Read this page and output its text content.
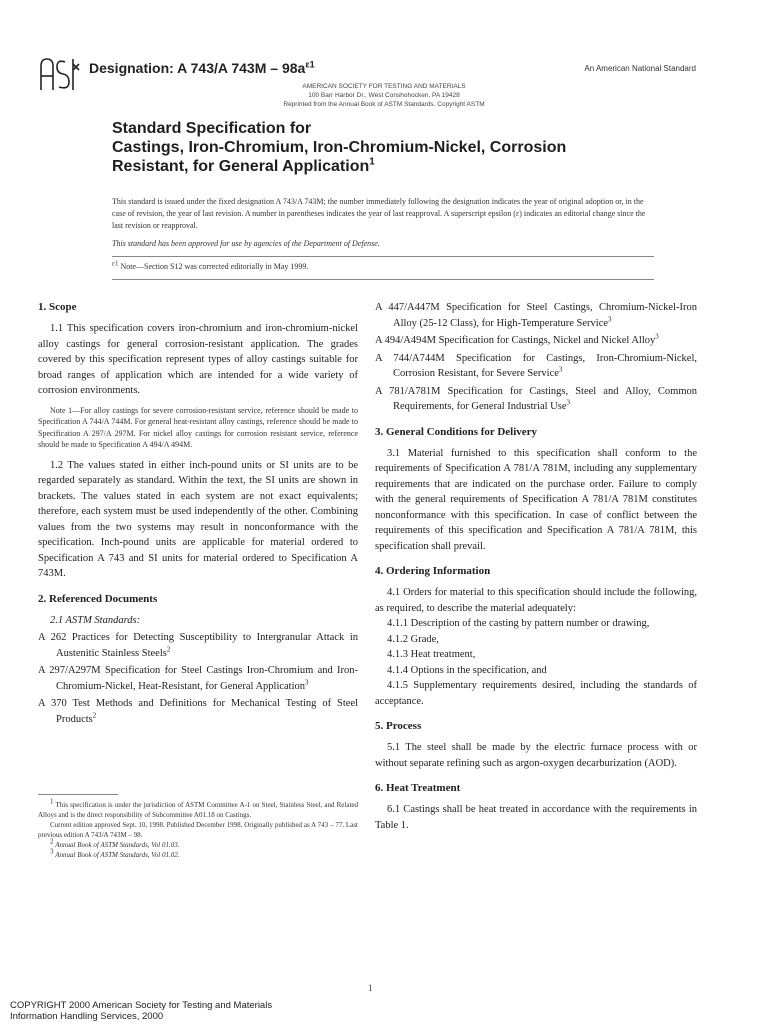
Designation: A 743/A $743M - 98a^{\varepsilon 1}$	An American National Standard
AMERICAN SOCIETY FOR TESTING AND MATERIALS
100 Barr Harbor Dr., West Conshohocken, PA 19428
Reprinted from the Annual Book of ASTM Standards. Copyright ASTM
Standard Specification for
Castings, Iron-Chromium, Iron-Chromium-Nickel, Corrosion
Resistant, for General Application$^1$

This standard is issued under the fixed designation A 743/A 743M; the number immediately following the designation indicates the year of original adoption or, in the case of revision, the year of last revision. A number in parentheses indicates the year of last reapproval. A superscript epsilon (ε) indicates an editorial change since the last revision or reapproval.

This standard has been approved for use by agencies of the Department of Defense.

$^{\varepsilon 1}$ Note—Section S12 was corrected editorially in May 1999.
1. Scope

1.1 This specification covers iron-chromium and iron-chromium-nickel alloy castings for general corrosion-resistant application. The grades covered by this specification represent types of alloy castings suitable for broad ranges of application which are intended for a wide variety of corrosion environments.

Note 1—For alloy castings for severe corrosion-resistant service, reference should be made to Specification A 744/A 744M. For general heat-resistant alloy castings, reference should be made to Specification A 297/A 297M. For nickel alloy castings for corrosion resistant service, reference should be made to Specification A 494/A 494M.

1.2 The values stated in either inch-pound units or SI units are to be regarded separately as standard. Within the text, the SI units are shown in brackets. The values stated in each system are not exact equivalents; therefore, each system must be used independently of the other. Combining values from the two systems may result in nonconformance with the specification. Inch-pound units are applicable for material ordered to Specification A 743 and SI units for material ordered to Specification A 743M.

2. Referenced Documents

2.1 ASTM Standards:

A 262 Practices for Detecting Susceptibility to Intergranular Attack in Austenitic Stainless Steels$^2$

A 297/A297M Specification for Steel Castings Iron-Chromium and Iron-Chromium-Nickel, Heat-Resistant, for General Application$^3$

A 370 Test Methods and Definitions for Mechanical Testing of Steel Products$^2$

A 447/A447M Specification for Steel Castings, Chromium-Nickel-Iron Alloy (25-12 Class), for High-Temperature Service$^3$

A 494/A494M Specification for Castings, Nickel and Nickel Alloy$^3$

A 744/A744M Specification for Castings, Iron-Chromium-Nickel, Corrosion Resistant, for Severe Service$^3$

A 781/A781M Specification for Castings, Steel and Alloy, Common Requirements, for General Industrial Use$^3$

3. General Conditions for Delivery

3.1 Material furnished to this specification shall conform to the requirements of Specification A 781/A 781M, including any supplementary requirements that are indicated on the purchase order. Failure to comply with the general requirements of Specification A 781/A 781M constitutes nonconformance with this specification. In case of conflict between the requirements of this specification and Specification A 781/A 781M, this specification shall prevail.

4. Ordering Information

4.1 Orders for material to this specification should include the following, as required, to describe the material adequately:

4.1.1 Description of the casting by pattern number or drawing,

4.1.2 Grade,

4.1.3 Heat treatment,

4.1.4 Options in the specification, and

4.1.5 Supplementary requirements desired, including the standards of acceptance.

5. Process

5.1 The steel shall be made by the electric furnace process with or without separate refining such as argon-oxygen decarburization (AOD).

6. Heat Treatment

6.1 Castings shall be heat treated in accordance with the requirements in Table 1.

$^1$ This specification is under the jurisdiction of ASTM Committee A-1 on Steel, Stainless Steel, and Related Alloys and is the direct responsibility of Subcommittee A01.18 on Castings.

Current edition approved Sept. 10, 1998. Published December 1998. Originally published as A 743 – 77. Last previous edition A 743/A 743M – 98.

$^2$ Annual Book of ASTM Standards, Vol 01.03.

$^3$ Annual Book of ASTM Standards, Vol 01.02.

1
COPYRIGHT 2000 American Society for Testing and Materials
Information Handling Services, 2000
